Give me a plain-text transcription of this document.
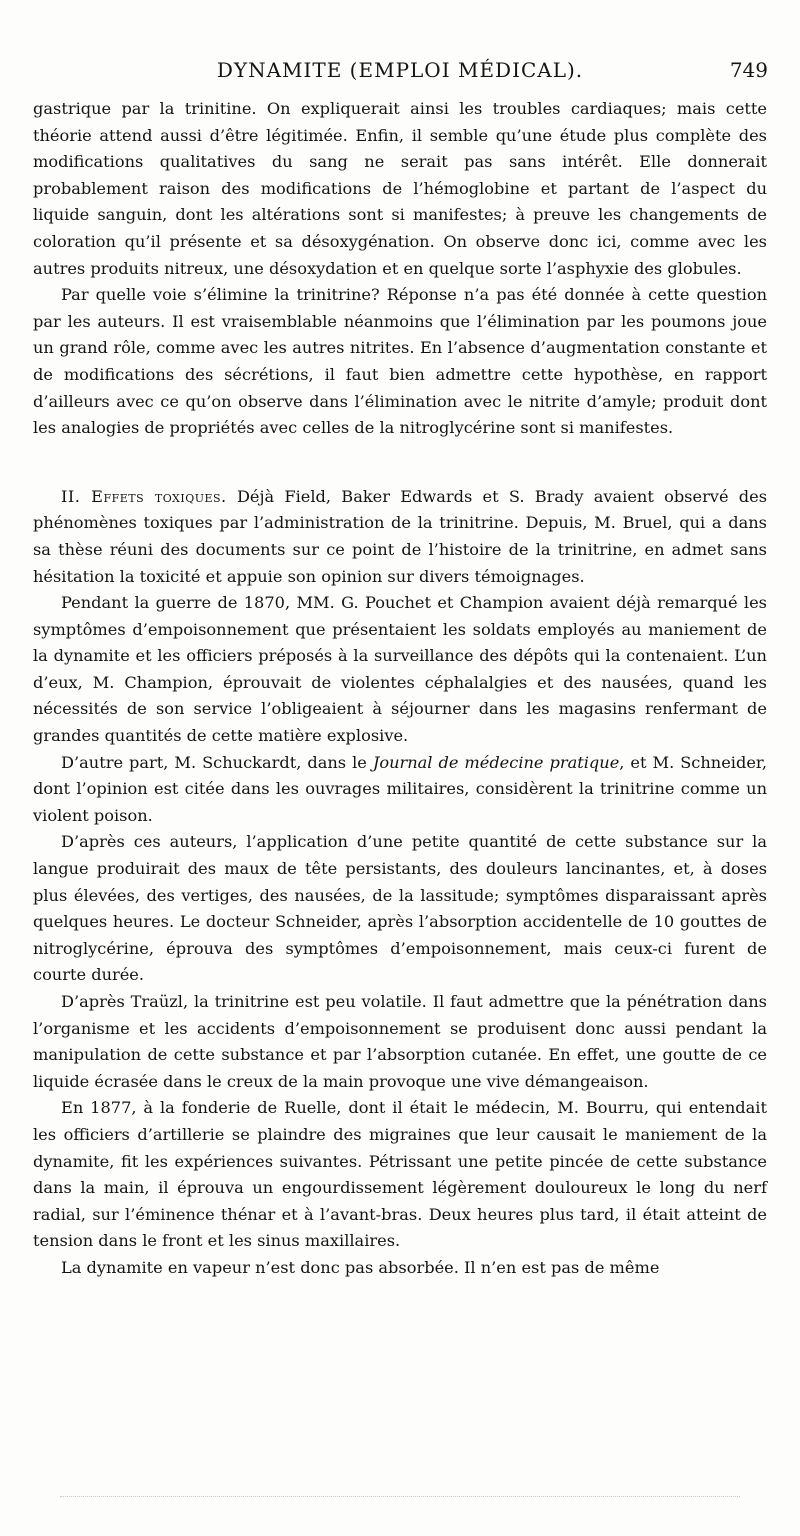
DYNAMITE (EMPLOI MÉDICAL).	749

gastrique par la trinitine. On expliquerait ainsi les troubles cardiaques; mais cette théorie attend aussi d’être légitimée. Enfin, il semble qu’une étude plus complète des modifications qualitatives du sang ne serait pas sans intérêt. Elle donnerait probablement raison des modifications de l’hémoglobine et partant de l’aspect du liquide sanguin, dont les altérations sont si manifestes; à preuve les changements de coloration qu’il présente et sa désoxygénation. On observe donc ici, comme avec les autres produits nitreux, une désoxydation et en quelque sorte l’asphyxie des globules.

Par quelle voie s’élimine la trinitrine? Réponse n’a pas été donnée à cette question par les auteurs. Il est vraisemblable néanmoins que l’élimination par les poumons joue un grand rôle, comme avec les autres nitrites. En l’absence d’augmentation constante et de modifications des sécrétions, il faut bien admettre cette hypothèse, en rapport d’ailleurs avec ce qu’on observe dans l’élimination avec le nitrite d’amyle; produit dont les analogies de propriétés avec celles de la nitroglycérine sont si manifestes.

II. Effets toxiques. Déjà Field, Baker Edwards et S. Brady avaient observé des phénomènes toxiques par l’administration de la trinitrine. Depuis, M. Bruel, qui a dans sa thèse réuni des documents sur ce point de l’histoire de la trinitrine, en admet sans hésitation la toxicité et appuie son opinion sur divers témoignages.

Pendant la guerre de 1870, MM. G. Pouchet et Champion avaient déjà remarqué les symptômes d’empoisonnement que présentaient les soldats employés au maniement de la dynamite et les officiers préposés à la surveillance des dépôts qui la contenaient. L’un d’eux, M. Champion, éprouvait de violentes céphalalgies et des nausées, quand les nécessités de son service l’obligeaient à séjourner dans les magasins renfermant de grandes quantités de cette matière explosive.

D’autre part, M. Schuckardt, dans le Journal de médecine pratique, et M. Schneider, dont l’opinion est citée dans les ouvrages militaires, considèrent la trinitrine comme un violent poison.

D’après ces auteurs, l’application d’une petite quantité de cette substance sur la langue produirait des maux de tête persistants, des douleurs lancinantes, et, à doses plus élevées, des vertiges, des nausées, de la lassitude; symptômes disparaissant après quelques heures. Le docteur Schneider, après l’absorption accidentelle de 10 gouttes de nitroglycérine, éprouva des symptômes d’empoisonnement, mais ceux-ci furent de courte durée.

D’après Traüzl, la trinitrine est peu volatile. Il faut admettre que la pénétration dans l’organisme et les accidents d’empoisonnement se produisent donc aussi pendant la manipulation de cette substance et par l’absorption cutanée. En effet, une goutte de ce liquide écrasée dans le creux de la main provoque une vive démangeaison.

En 1877, à la fonderie de Ruelle, dont il était le médecin, M. Bourru, qui entendait les officiers d’artillerie se plaindre des migraines que leur causait le maniement de la dynamite, fit les expériences suivantes. Pétrissant une petite pincée de cette substance dans la main, il éprouva un engourdissement légèrement douloureux le long du nerf radial, sur l’éminence thénar et à l’avant-bras. Deux heures plus tard, il était atteint de tension dans le front et les sinus maxillaires.

La dynamite en vapeur n’est donc pas absorbée. Il n’en est pas de même
